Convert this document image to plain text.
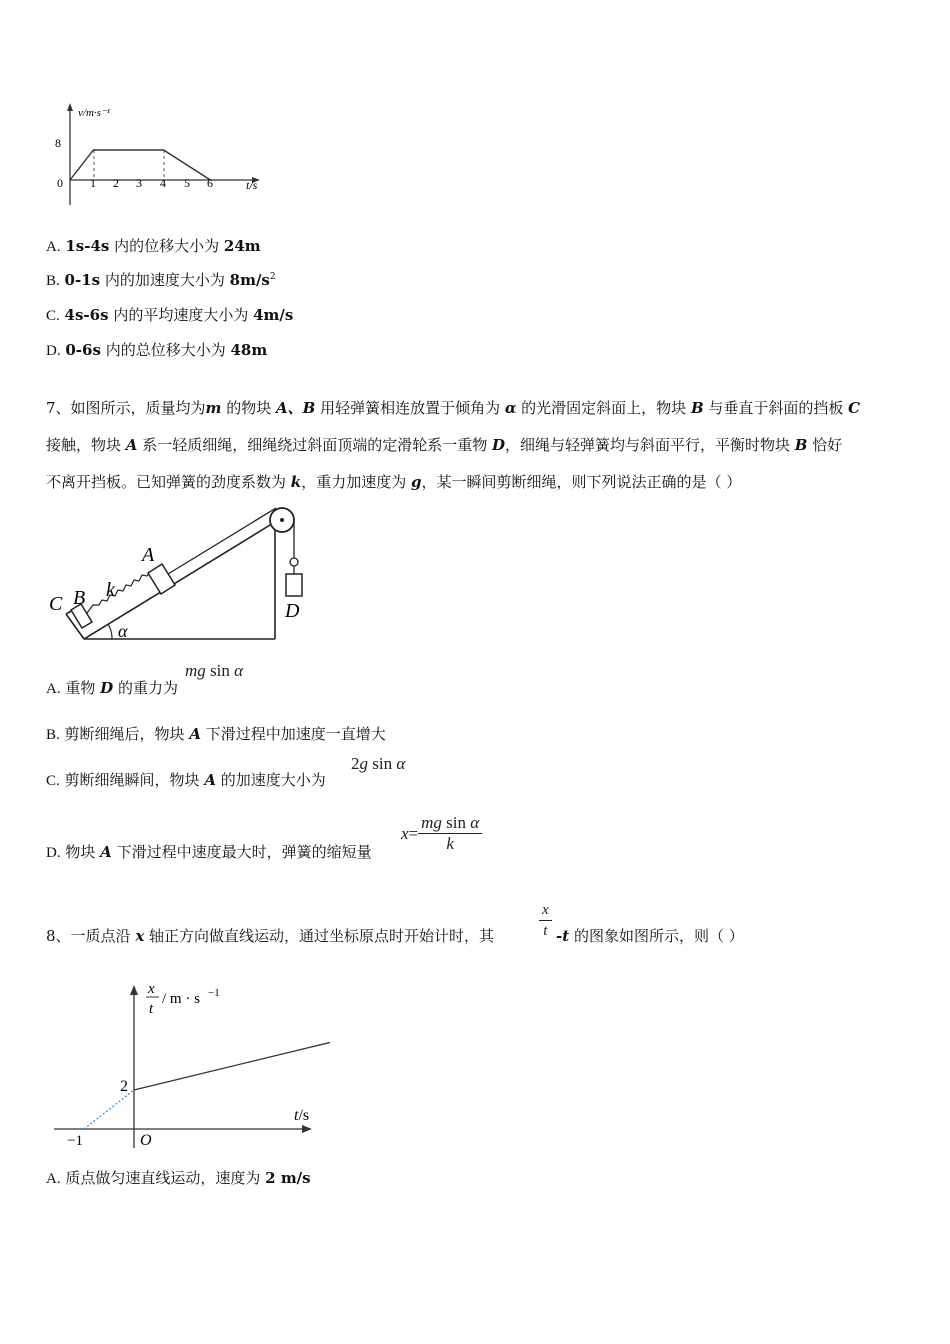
v/m·s⁻¹
8
0 1 2 3 4 5 6	t/s
A. 1s-4s 内的位移大小为 24m
B. 0-1s 内的加速度大小为 $8m/s^2$
C. 4s-6s 内的平均速度大小为 4m/s
D. 0-6s 内的总位移大小为 48m
7、如图所示，质量均为m 的物块 A、B 用轻弹簧相连放置于倾角为 α 的光滑固定斜面上，物块 B 与垂直于斜面的挡板 C
接触，物块 A 系一轻质细绳，细绳绕过斜面顶端的定滑轮系一重物 D，细绳与轻弹簧均与斜面平行，平衡时物块 B 恰好
不离开挡板。已知弹簧的劲度系数为 k，重力加速度为 g，某一瞬间剪断细绳，则下列说法正确的是（ ）
A
k
B
C	D
α
A. 重物 D 的重力为
mg sin α
B. 剪断细绳后，物块 A 下滑过程中加速度一直增大
C. 剪断细绳瞬间，物块 A 的加速度大小为
2g sin α
D. 物块 A 下滑过程中速度最大时，弹簧的缩短量
$x = \frac{\text{mg sin α}}{k}$
8、一质点沿 x 轴正方向做直线运动，通过坐标原点时开始计时，其	$\frac{x}{t} -t$ 的图象如图所示，则（ ）
x
t
/ m · s −1
2
−1	O
t/s
A. 质点做匀速直线运动，速度为 2 m/s
